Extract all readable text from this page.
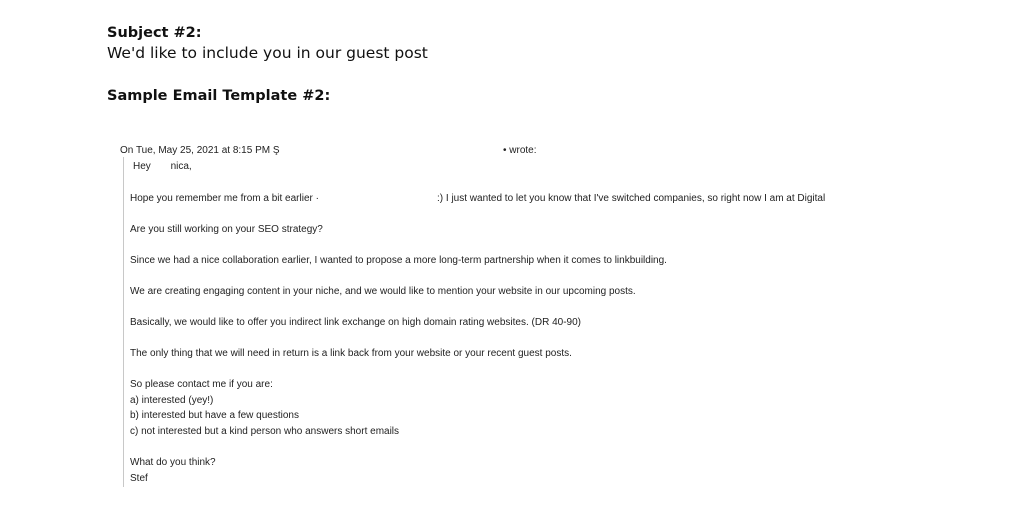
Subject #2:
We'd like to include you in our guest post
Sample Email Template #2:
On Tue, May 25, 2021 at 8:15 PM Ş	• wrote:
Hey nica,
Hope you remember me from a bit earlier ·	:) I just wanted to let you know that I've switched companies, so right now I am at Digital
Are you still working on your SEO strategy?
Since we had a nice collaboration earlier, I wanted to propose a more long-term partnership when it comes to linkbuilding.
We are creating engaging content in your niche, and we would like to mention your website in our upcoming posts.
Basically, we would like to offer you indirect link exchange on high domain rating websites. (DR 40-90)
The only thing that we will need in return is a link back from your website or your recent guest posts.
So please contact me if you are:
a) interested (yey!)
b) interested but have a few questions
c) not interested but a kind person who answers short emails
What do you think?
Stef
